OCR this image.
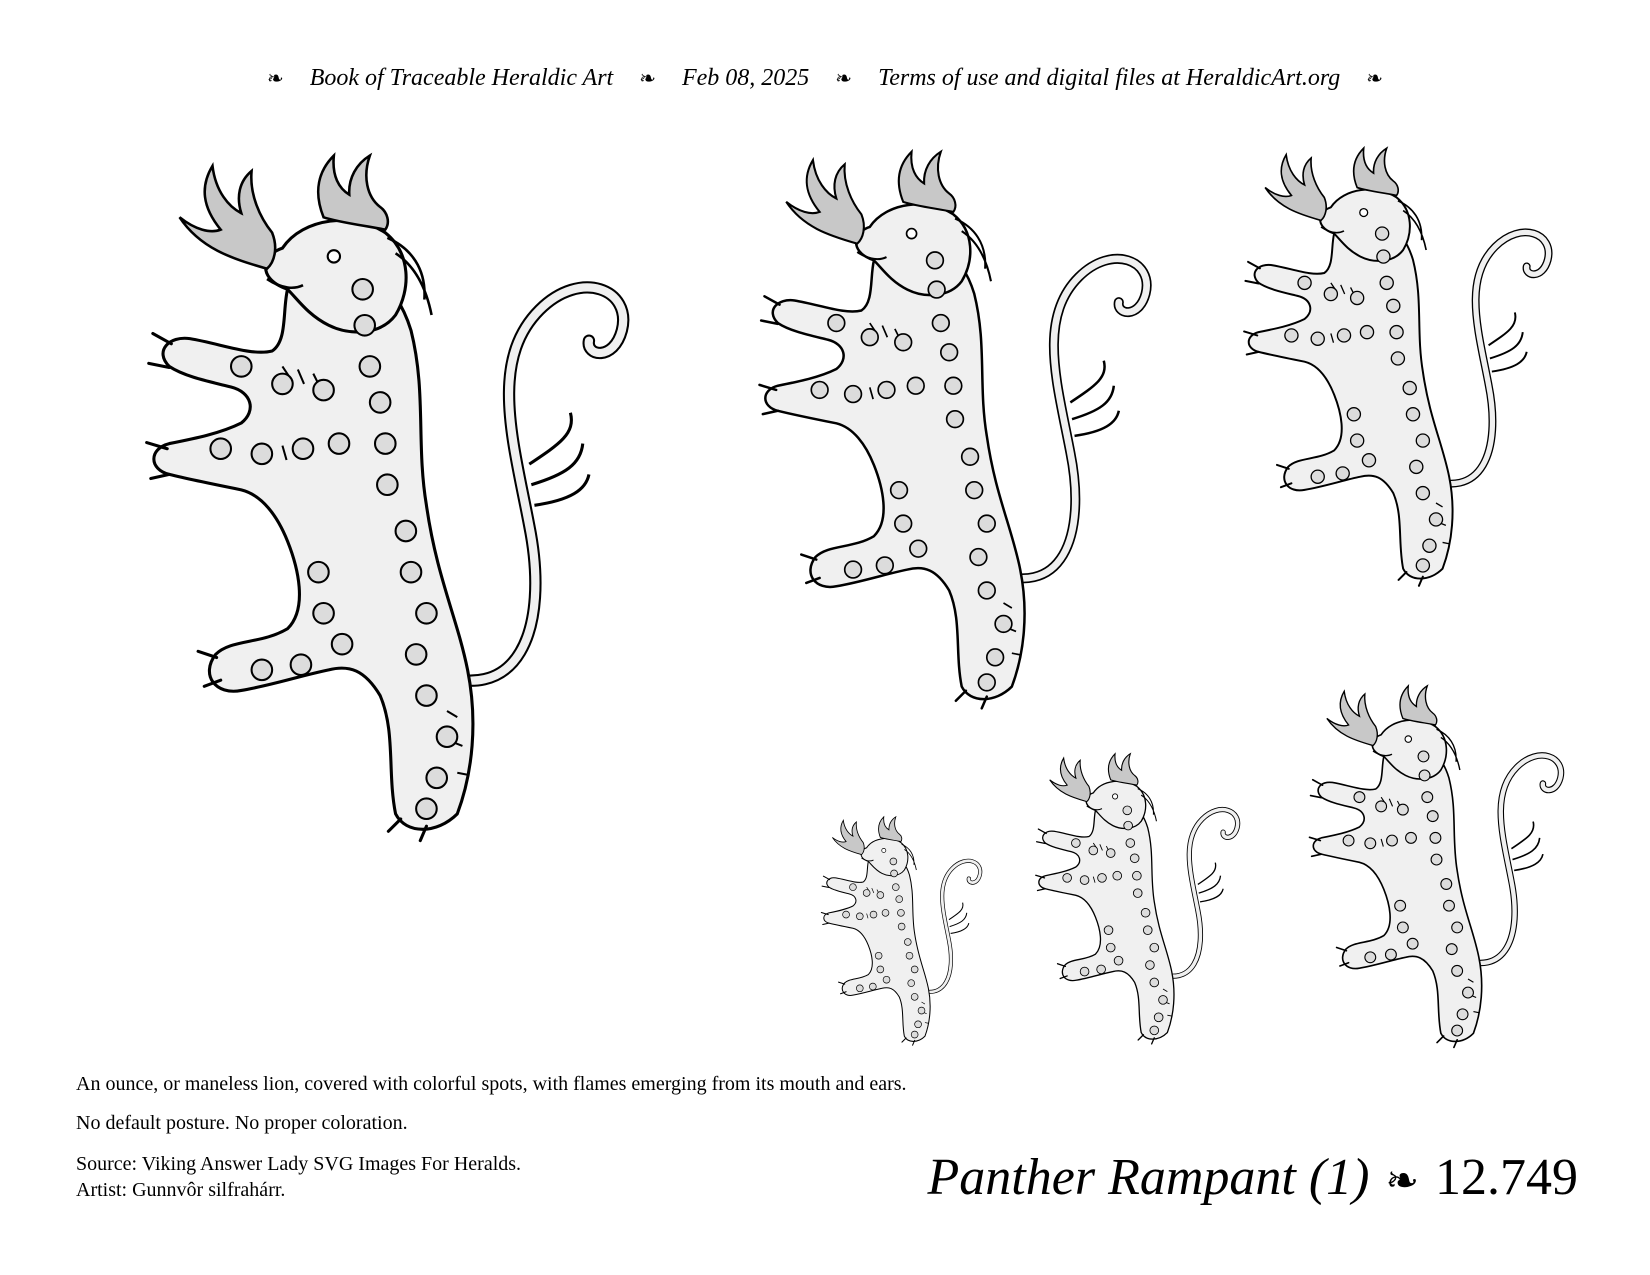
❧ Book of Traceable Heraldic Art ❧ Feb 08, 2025 ❧ Terms of use and digital files at HeraldicArt.org ❧
An ounce, or maneless lion, covered with colorful spots, with flames emerging from its mouth and ears.
No default posture. No proper coloration.
Source: Viking Answer Lady SVG Images For Heralds.
Artist: Gunnvôr silfrahárr.	Panther Rampant (1) ❧ 12.749
